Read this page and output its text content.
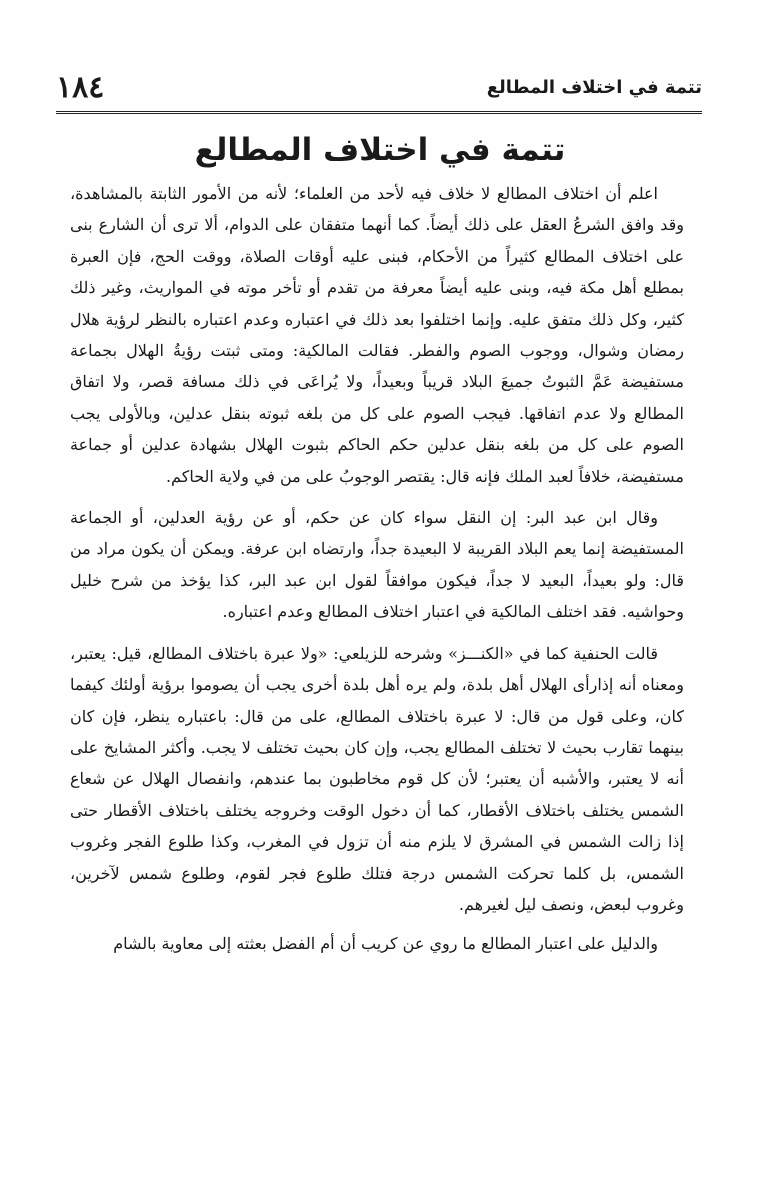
١٨٤	تتمة في اختلاف المطالع
تتمة في اختلاف المطالع

اعلم أن اختلاف المطالع لا خلاف فيه لأحد من العلماء؛ لأنه من الأمور الثابتة بالمشاهدة، وقد وافق الشرعُ العقل على ذلك أيضاً. كما أنهما متفقان على الدوام، ألا ترى أن الشارع بنى على اختلاف المطالع كثيراً من الأحكام، فبنى عليه أوقات الصلاة، ووقت الحج، فإن العبرة بمطلع أهل مكة فيه، وبنى عليه أيضاً معرفة من تقدم أو تأخر موته في المواريث، وغير ذلك كثير، وكل ذلك متفق عليه. وإنما اختلفوا بعد ذلك في اعتباره وعدم اعتباره بالنظر لرؤية هلال رمضان وشوال، ووجوب الصوم والفطر. فقالت المالكية: ومتى ثبتت رؤيةُ الهلال بجماعة مستفيضة عَمَّ الثبوتُ جميعَ البلاد قريباً وبعيداً، ولا يُراعَى في ذلك مسافة قصر، ولا اتفاق المطالع ولا عدم اتفاقها. فيجب الصوم على كل من بلغه ثبوته بنقل عدلين، وبالأولى يجب الصوم على كل من بلغه بنقل عدلين حكم الحاكم بثبوت الهلال بشهادة عدلين أو جماعة مستفيضة، خلافاً لعبد الملك فإنه قال: يقتصر الوجوبُ على من في ولاية الحاكم.

وقال ابن عبد البر: إن النقل سواء كان عن حكم، أو عن رؤية العدلين، أو الجماعة المستفيضة إنما يعم البلاد القريبة لا البعيدة جداً، وارتضاه ابن عرفة. ويمكن أن يكون مراد من قال: ولو بعيداً، البعيد لا جداً، فيكون موافقاً لقول ابن عبد البر، كذا يؤخذ من شرح خليل وحواشيه. فقد اختلف المالكية في اعتبار اختلاف المطالع وعدم اعتباره.

قالت الحنفية كما في «الكنـــز» وشرحه للزيلعي: «ولا عبرة باختلاف المطالع، قيل: يعتبر، ومعناه أنه إذارأى الهلال أهل بلدة، ولم يره أهل بلدة أخرى يجب أن يصوموا برؤية أولئك كيفما كان، وعلى قول من قال: لا عبرة باختلاف المطالع، على من قال: باعتباره ينظر، فإن كان بينهما تقارب بحيث لا تختلف المطالع يجب، وإن كان بحيث تختلف لا يجب. وأكثر المشايخ على أنه لا يعتبر، والأشبه أن يعتبر؛ لأن كل قوم مخاطبون بما عندهم، وانفصال الهلال عن شعاع الشمس يختلف باختلاف الأقطار، كما أن دخول الوقت وخروجه يختلف باختلاف الأقطار حتى إذا زالت الشمس في المشرق لا يلزم منه أن تزول في المغرب، وكذا طلوع الفجر وغروب الشمس، بل كلما تحركت الشمس درجة فتلك طلوع فجر لقوم، وطلوع شمس لآخرين، وغروب لبعض، ونصف ليل لغيرهم.

والدليل على اعتبار المطالع ما روي عن كريب أن أم الفضل بعثته إلى معاوية بالشام
